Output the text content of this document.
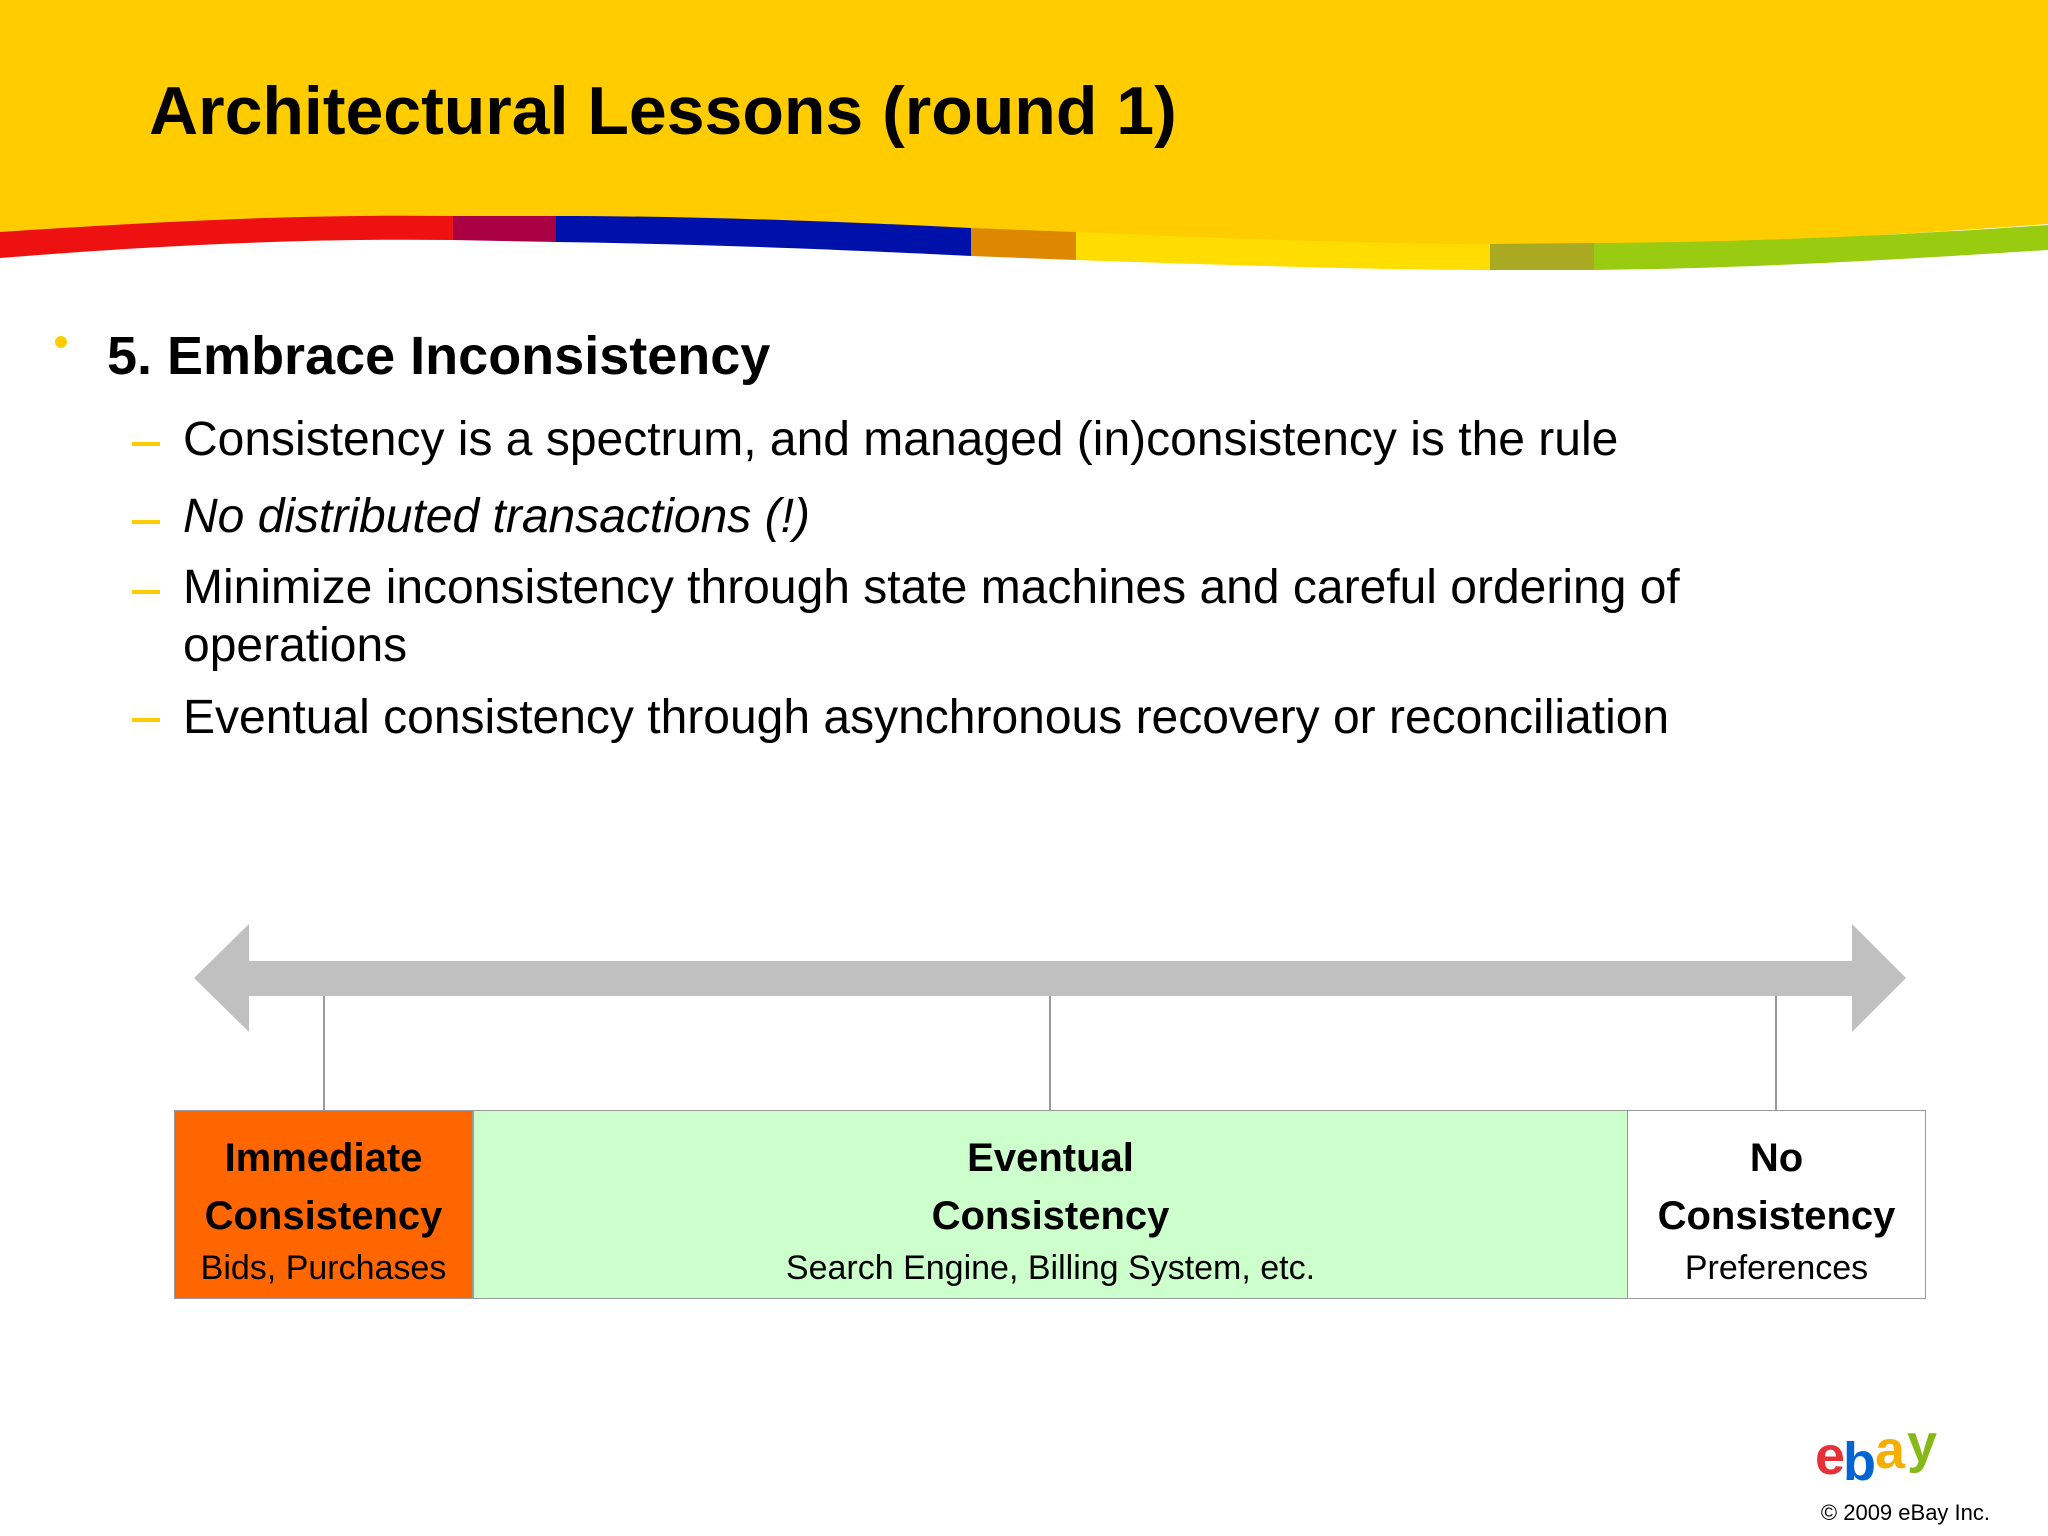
Architectural Lessons (round 1)
5. Embrace Inconsistency
Consistency is a spectrum, and managed (in)consistency is the rule
No distributed transactions (!)
Minimize inconsistency through state machines and careful ordering of
operations
Eventual consistency through asynchronous recovery or reconciliation
Immediate
Consistency
Bids, Purchases
Eventual
Consistency
Search Engine, Billing System, etc.
No
Consistency
Preferences
e b a y
© 2009 eBay Inc.
